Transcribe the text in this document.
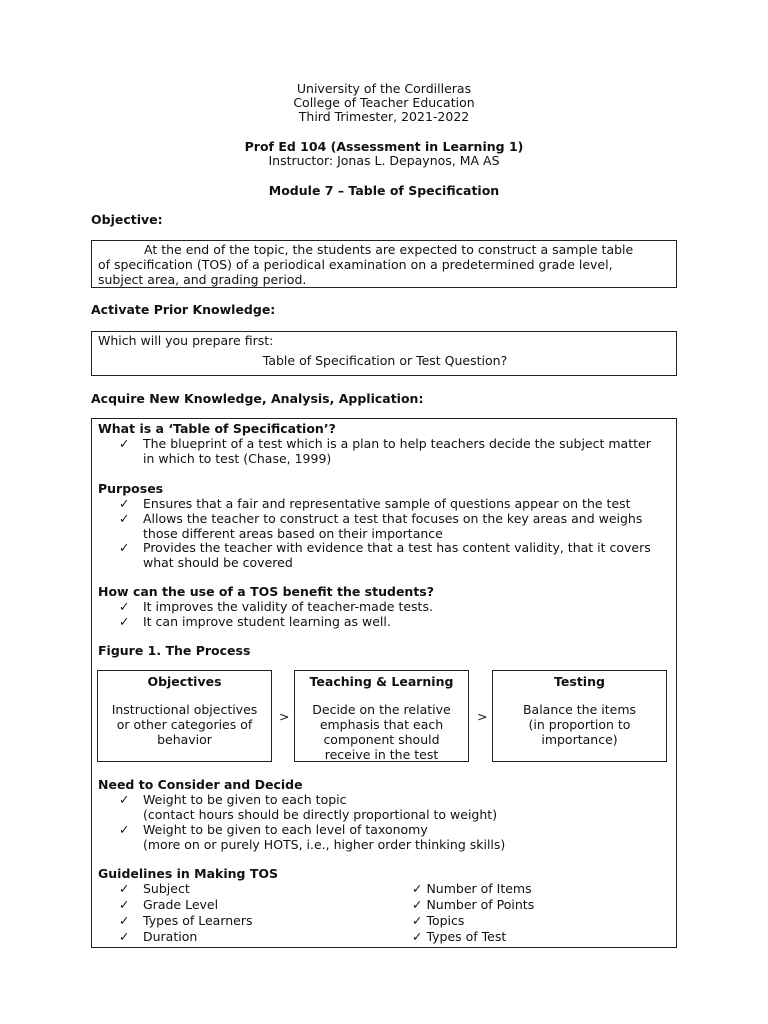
University of the Cordilleras
College of Teacher Education
Third Trimester, 2021-2022
Prof Ed 104 (Assessment in Learning 1)
Instructor: Jonas L. Depaynos, MA AS
Module 7 – Table of Specification
Objective:
At the end of the topic, the students are expected to construct a sample table
of specification (TOS) of a periodical examination on a predetermined grade level,
subject area, and grading period.
Activate Prior Knowledge:
Which will you prepare first:
Table of Specification or Test Question?
Acquire New Knowledge, Analysis, Application:
What is a ‘Table of Specification’?
✓ The blueprint of a test which is a plan to help teachers decide the subject matter
in which to test (Chase, 1999)
Purposes
✓ Ensures that a fair and representative sample of questions appear on the test
✓ Allows the teacher to construct a test that focuses on the key areas and weighs
those different areas based on their importance
✓ Provides the teacher with evidence that a test has content validity, that it covers
what should be covered
How can the use of a TOS benefit the students?
✓ It improves the validity of teacher-made tests.
✓ It can improve student learning as well.
Figure 1. The Process
Need to Consider and Decide
✓ Weight to be given to each topic
(contact hours should be directly proportional to weight)
✓ Weight to be given to each level of taxonomy
(more on or purely HOTS, i.e., higher order thinking skills)
Guidelines in Making TOS
✓ Subject
✓ Grade Level
✓ Types of Learners
✓ Duration
✓ Number of Items
✓ Number of Points
✓ Topics
✓ Types of Test
Objectives
Instructional objectives
or other categories of
behavior
>
Teaching & Learning
Decide on the relative
emphasis that each
component should
receive in the test
>
Testing
Balance the items
(in proportion to
importance)
